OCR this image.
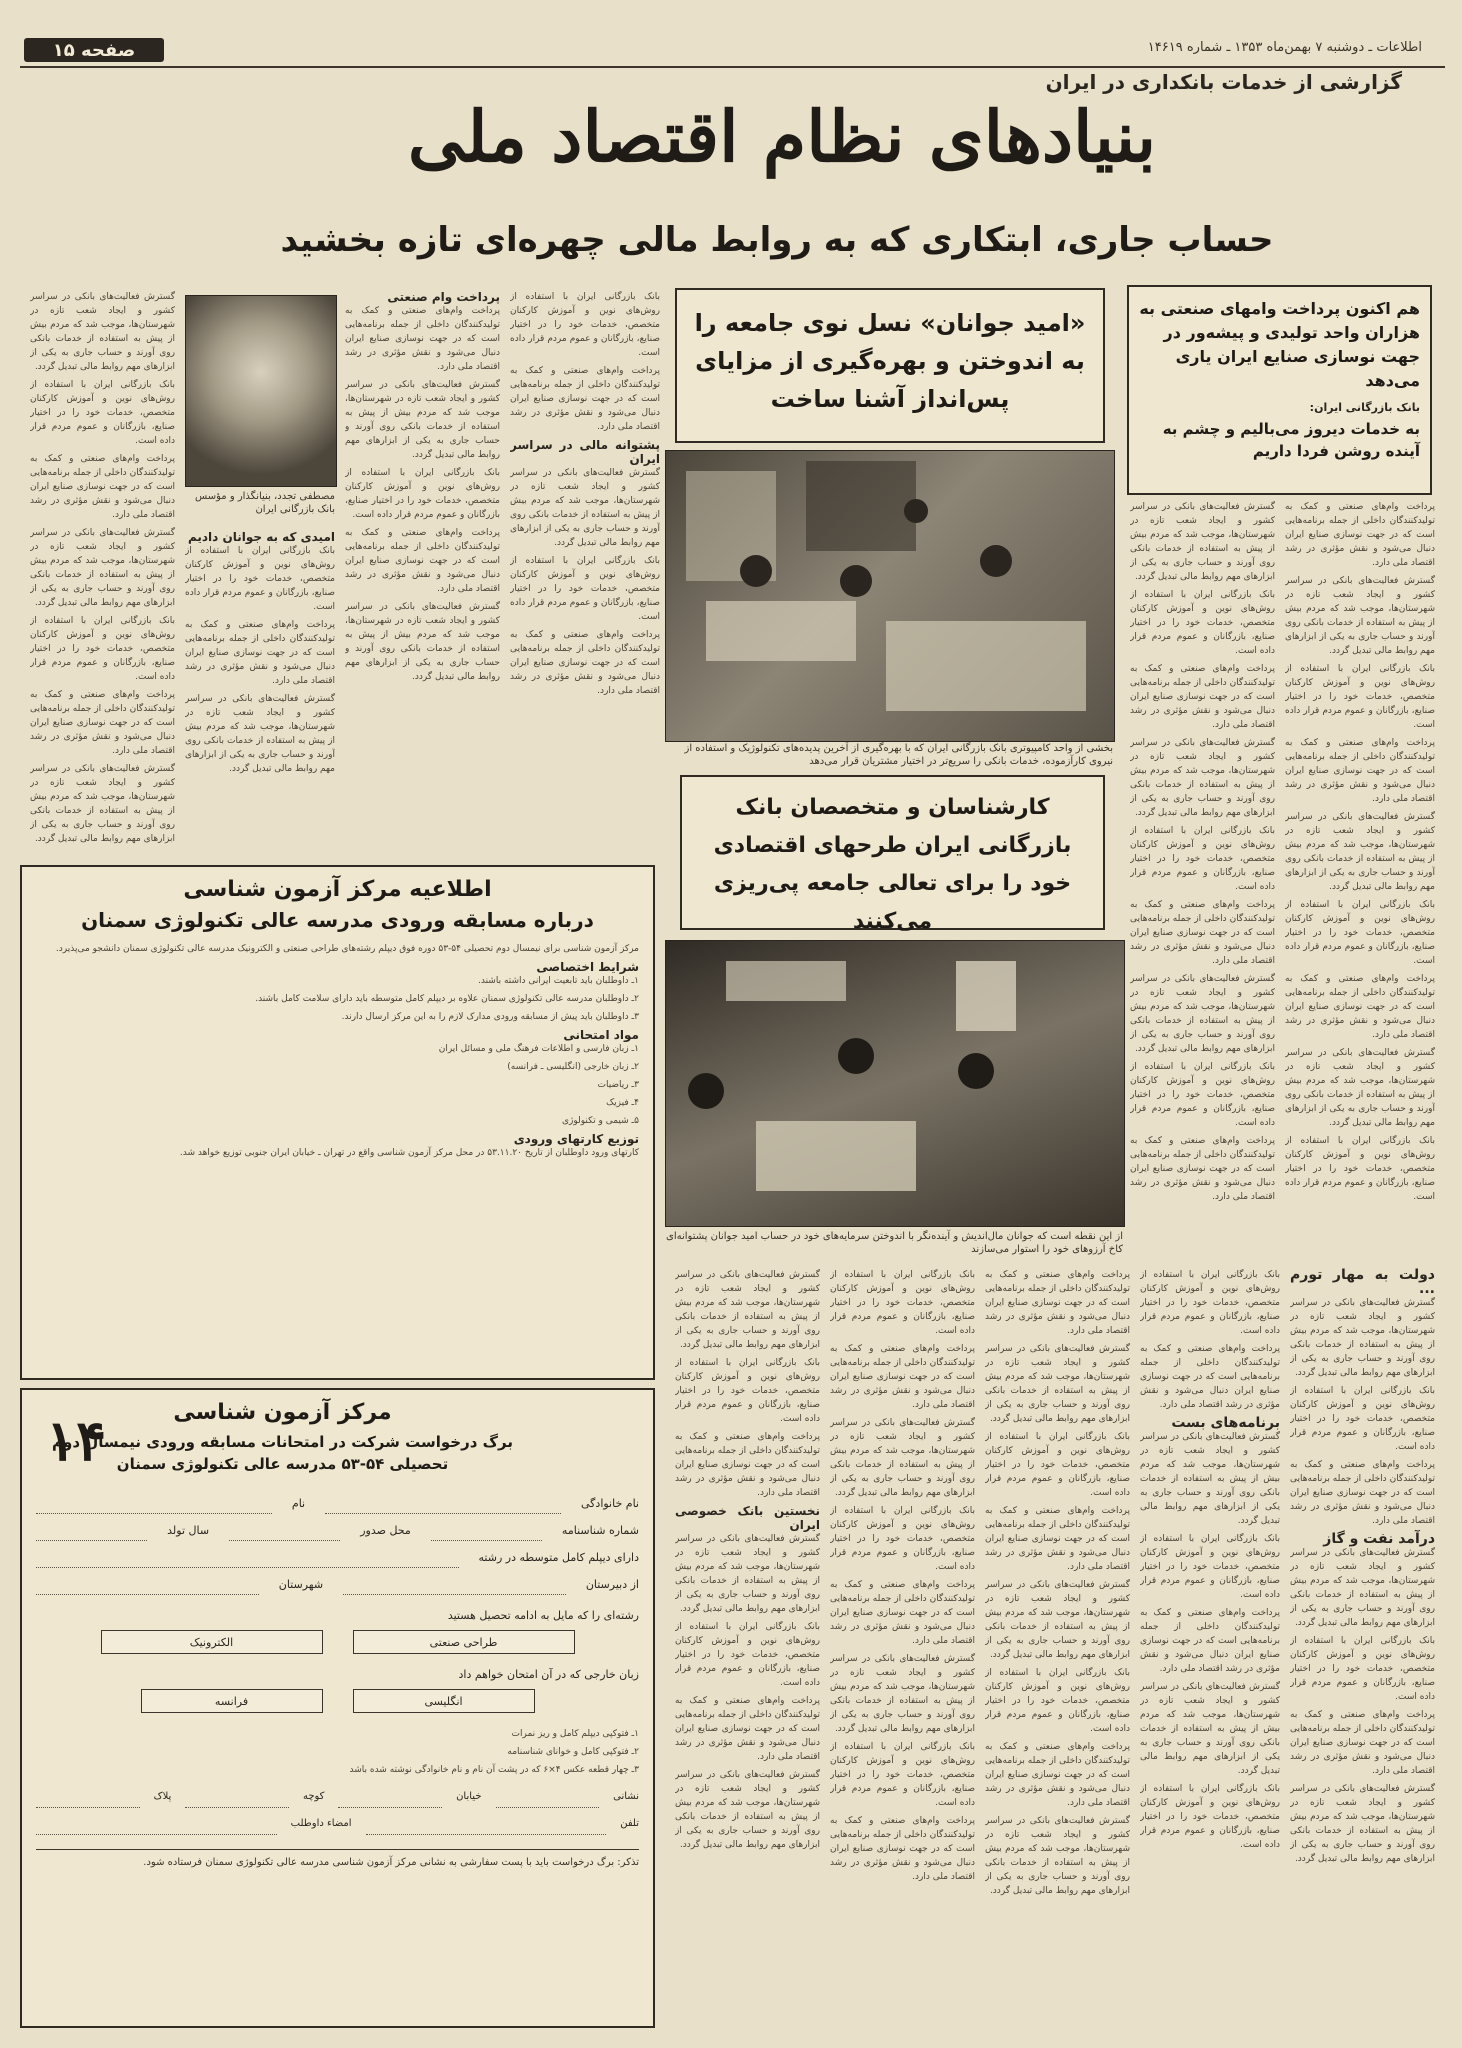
صفحه ۱۵	اطلاعات ـ دوشنبه ۷ بهمن‌ماه ۱۳۵۳ ـ شماره ۱۴۶۱۹
گزارشی از خدمات بانکداری در ایران
بنیادهای نظام اقتصاد ملی
حساب جاری، ابتکاری که به روابط مالی چهره‌ای تازه بخشید
هم اکنون پرداخت وامهای صنعتی به هزاران واحد تولیدی و پیشه‌ور در جهت نوسازی صنایع ایران یاری می‌دهد
بانک بازرگانی ایران:
به خدمات دیروز می‌بالیم و چشم به آینده روشن فردا داریم
«امید جوانان» نسل نوی جامعه را به اندوختن و بهره‌گیری از مزایای پس‌انداز آشنا ساخت
مصطفی تجدد، بنیانگذار و مؤسس بانک بازرگانی ایران

گسترش فعالیت‌های بانکی در سراسر کشور و ایجاد شعب تازه در شهرستان‌ها، موجب شد که مردم بیش از پیش به استفاده از خدمات بانکی روی آورند و حساب جاری به یکی از ابزارهای مهم روابط مالی تبدیل گردد.

بانک بازرگانی ایران با استفاده از روش‌های نوین و آموزش کارکنان متخصص، خدمات خود را در اختیار صنایع، بازرگانان و عموم مردم قرار داده است.

پرداخت وام‌های صنعتی و کمک به تولیدکنندگان داخلی از جمله برنامه‌هایی است که در جهت نوسازی صنایع ایران دنبال می‌شود و نقش مؤثری در رشد اقتصاد ملی دارد.

گسترش فعالیت‌های بانکی در سراسر کشور و ایجاد شعب تازه در شهرستان‌ها، موجب شد که مردم بیش از پیش به استفاده از خدمات بانکی روی آورند و حساب جاری به یکی از ابزارهای مهم روابط مالی تبدیل گردد.

بانک بازرگانی ایران با استفاده از روش‌های نوین و آموزش کارکنان متخصص، خدمات خود را در اختیار صنایع، بازرگانان و عموم مردم قرار داده است.

پرداخت وام‌های صنعتی و کمک به تولیدکنندگان داخلی از جمله برنامه‌هایی است که در جهت نوسازی صنایع ایران دنبال می‌شود و نقش مؤثری در رشد اقتصاد ملی دارد.

گسترش فعالیت‌های بانکی در سراسر کشور و ایجاد شعب تازه در شهرستان‌ها، موجب شد که مردم بیش از پیش به استفاده از خدمات بانکی روی آورند و حساب جاری به یکی از ابزارهای مهم روابط مالی تبدیل گردد.

امیدی که به جوانان دادیم

بانک بازرگانی ایران با استفاده از روش‌های نوین و آموزش کارکنان متخصص، خدمات خود را در اختیار صنایع، بازرگانان و عموم مردم قرار داده است.

پرداخت وام‌های صنعتی و کمک به تولیدکنندگان داخلی از جمله برنامه‌هایی است که در جهت نوسازی صنایع ایران دنبال می‌شود و نقش مؤثری در رشد اقتصاد ملی دارد.

گسترش فعالیت‌های بانکی در سراسر کشور و ایجاد شعب تازه در شهرستان‌ها، موجب شد که مردم بیش از پیش به استفاده از خدمات بانکی روی آورند و حساب جاری به یکی از ابزارهای مهم روابط مالی تبدیل گردد.

پرداخت وام صنعتی

پرداخت وام‌های صنعتی و کمک به تولیدکنندگان داخلی از جمله برنامه‌هایی است که در جهت نوسازی صنایع ایران دنبال می‌شود و نقش مؤثری در رشد اقتصاد ملی دارد.

گسترش فعالیت‌های بانکی در سراسر کشور و ایجاد شعب تازه در شهرستان‌ها، موجب شد که مردم بیش از پیش به استفاده از خدمات بانکی روی آورند و حساب جاری به یکی از ابزارهای مهم روابط مالی تبدیل گردد.

بانک بازرگانی ایران با استفاده از روش‌های نوین و آموزش کارکنان متخصص، خدمات خود را در اختیار صنایع، بازرگانان و عموم مردم قرار داده است.

پرداخت وام‌های صنعتی و کمک به تولیدکنندگان داخلی از جمله برنامه‌هایی است که در جهت نوسازی صنایع ایران دنبال می‌شود و نقش مؤثری در رشد اقتصاد ملی دارد.

گسترش فعالیت‌های بانکی در سراسر کشور و ایجاد شعب تازه در شهرستان‌ها، موجب شد که مردم بیش از پیش به استفاده از خدمات بانکی روی آورند و حساب جاری به یکی از ابزارهای مهم روابط مالی تبدیل گردد.

بانک بازرگانی ایران با استفاده از روش‌های نوین و آموزش کارکنان متخصص، خدمات خود را در اختیار صنایع، بازرگانان و عموم مردم قرار داده است.

پرداخت وام‌های صنعتی و کمک به تولیدکنندگان داخلی از جمله برنامه‌هایی است که در جهت نوسازی صنایع ایران دنبال می‌شود و نقش مؤثری در رشد اقتصاد ملی دارد.

پشتوانه مالی در سراسر ایران

گسترش فعالیت‌های بانکی در سراسر کشور و ایجاد شعب تازه در شهرستان‌ها، موجب شد که مردم بیش از پیش به استفاده از خدمات بانکی روی آورند و حساب جاری به یکی از ابزارهای مهم روابط مالی تبدیل گردد.

بانک بازرگانی ایران با استفاده از روش‌های نوین و آموزش کارکنان متخصص، خدمات خود را در اختیار صنایع، بازرگانان و عموم مردم قرار داده است.

پرداخت وام‌های صنعتی و کمک به تولیدکنندگان داخلی از جمله برنامه‌هایی است که در جهت نوسازی صنایع ایران دنبال می‌شود و نقش مؤثری در رشد اقتصاد ملی دارد.

بخشی از واحد کامپیوتری بانک بازرگانی ایران که با بهره‌گیری از آخرین پدیده‌های تکنولوژیک و استفاده از نیروی کارآزموده، خدمات بانکی را سریع‌تر در اختیار مشتریان قرار می‌دهد
کارشناسان و متخصصان بانک بازرگانی ایران طرحهای اقتصادی خود را برای تعالی جامعه پی‌ریزی می‌کنند
از این نقطه است که جوانان مال‌اندیش و آینده‌نگر با اندوختن سرمایه‌های خود در حساب امید جوانان پشتوانه‌ای کاخ آرزوهای خود را استوار می‌سازند

گسترش فعالیت‌های بانکی در سراسر کشور و ایجاد شعب تازه در شهرستان‌ها، موجب شد که مردم بیش از پیش به استفاده از خدمات بانکی روی آورند و حساب جاری به یکی از ابزارهای مهم روابط مالی تبدیل گردد.

بانک بازرگانی ایران با استفاده از روش‌های نوین و آموزش کارکنان متخصص، خدمات خود را در اختیار صنایع، بازرگانان و عموم مردم قرار داده است.

پرداخت وام‌های صنعتی و کمک به تولیدکنندگان داخلی از جمله برنامه‌هایی است که در جهت نوسازی صنایع ایران دنبال می‌شود و نقش مؤثری در رشد اقتصاد ملی دارد.

گسترش فعالیت‌های بانکی در سراسر کشور و ایجاد شعب تازه در شهرستان‌ها، موجب شد که مردم بیش از پیش به استفاده از خدمات بانکی روی آورند و حساب جاری به یکی از ابزارهای مهم روابط مالی تبدیل گردد.

بانک بازرگانی ایران با استفاده از روش‌های نوین و آموزش کارکنان متخصص، خدمات خود را در اختیار صنایع، بازرگانان و عموم مردم قرار داده است.

پرداخت وام‌های صنعتی و کمک به تولیدکنندگان داخلی از جمله برنامه‌هایی است که در جهت نوسازی صنایع ایران دنبال می‌شود و نقش مؤثری در رشد اقتصاد ملی دارد.

گسترش فعالیت‌های بانکی در سراسر کشور و ایجاد شعب تازه در شهرستان‌ها، موجب شد که مردم بیش از پیش به استفاده از خدمات بانکی روی آورند و حساب جاری به یکی از ابزارهای مهم روابط مالی تبدیل گردد.

بانک بازرگانی ایران با استفاده از روش‌های نوین و آموزش کارکنان متخصص، خدمات خود را در اختیار صنایع، بازرگانان و عموم مردم قرار داده است.

پرداخت وام‌های صنعتی و کمک به تولیدکنندگان داخلی از جمله برنامه‌هایی است که در جهت نوسازی صنایع ایران دنبال می‌شود و نقش مؤثری در رشد اقتصاد ملی دارد.

پرداخت وام‌های صنعتی و کمک به تولیدکنندگان داخلی از جمله برنامه‌هایی است که در جهت نوسازی صنایع ایران دنبال می‌شود و نقش مؤثری در رشد اقتصاد ملی دارد.

گسترش فعالیت‌های بانکی در سراسر کشور و ایجاد شعب تازه در شهرستان‌ها، موجب شد که مردم بیش از پیش به استفاده از خدمات بانکی روی آورند و حساب جاری به یکی از ابزارهای مهم روابط مالی تبدیل گردد.

بانک بازرگانی ایران با استفاده از روش‌های نوین و آموزش کارکنان متخصص، خدمات خود را در اختیار صنایع، بازرگانان و عموم مردم قرار داده است.

پرداخت وام‌های صنعتی و کمک به تولیدکنندگان داخلی از جمله برنامه‌هایی است که در جهت نوسازی صنایع ایران دنبال می‌شود و نقش مؤثری در رشد اقتصاد ملی دارد.

گسترش فعالیت‌های بانکی در سراسر کشور و ایجاد شعب تازه در شهرستان‌ها، موجب شد که مردم بیش از پیش به استفاده از خدمات بانکی روی آورند و حساب جاری به یکی از ابزارهای مهم روابط مالی تبدیل گردد.

بانک بازرگانی ایران با استفاده از روش‌های نوین و آموزش کارکنان متخصص، خدمات خود را در اختیار صنایع، بازرگانان و عموم مردم قرار داده است.

پرداخت وام‌های صنعتی و کمک به تولیدکنندگان داخلی از جمله برنامه‌هایی است که در جهت نوسازی صنایع ایران دنبال می‌شود و نقش مؤثری در رشد اقتصاد ملی دارد.

گسترش فعالیت‌های بانکی در سراسر کشور و ایجاد شعب تازه در شهرستان‌ها، موجب شد که مردم بیش از پیش به استفاده از خدمات بانکی روی آورند و حساب جاری به یکی از ابزارهای مهم روابط مالی تبدیل گردد.

بانک بازرگانی ایران با استفاده از روش‌های نوین و آموزش کارکنان متخصص، خدمات خود را در اختیار صنایع، بازرگانان و عموم مردم قرار داده است.

دولت به مهار تورم ...

گسترش فعالیت‌های بانکی در سراسر کشور و ایجاد شعب تازه در شهرستان‌ها، موجب شد که مردم بیش از پیش به استفاده از خدمات بانکی روی آورند و حساب جاری به یکی از ابزارهای مهم روابط مالی تبدیل گردد.

بانک بازرگانی ایران با استفاده از روش‌های نوین و آموزش کارکنان متخصص، خدمات خود را در اختیار صنایع، بازرگانان و عموم مردم قرار داده است.

پرداخت وام‌های صنعتی و کمک به تولیدکنندگان داخلی از جمله برنامه‌هایی است که در جهت نوسازی صنایع ایران دنبال می‌شود و نقش مؤثری در رشد اقتصاد ملی دارد.

درآمد نفت و گاز

گسترش فعالیت‌های بانکی در سراسر کشور و ایجاد شعب تازه در شهرستان‌ها، موجب شد که مردم بیش از پیش به استفاده از خدمات بانکی روی آورند و حساب جاری به یکی از ابزارهای مهم روابط مالی تبدیل گردد.

بانک بازرگانی ایران با استفاده از روش‌های نوین و آموزش کارکنان متخصص، خدمات خود را در اختیار صنایع، بازرگانان و عموم مردم قرار داده است.

پرداخت وام‌های صنعتی و کمک به تولیدکنندگان داخلی از جمله برنامه‌هایی است که در جهت نوسازی صنایع ایران دنبال می‌شود و نقش مؤثری در رشد اقتصاد ملی دارد.

گسترش فعالیت‌های بانکی در سراسر کشور و ایجاد شعب تازه در شهرستان‌ها، موجب شد که مردم بیش از پیش به استفاده از خدمات بانکی روی آورند و حساب جاری به یکی از ابزارهای مهم روابط مالی تبدیل گردد.

بانک بازرگانی ایران با استفاده از روش‌های نوین و آموزش کارکنان متخصص، خدمات خود را در اختیار صنایع، بازرگانان و عموم مردم قرار داده است.

پرداخت وام‌های صنعتی و کمک به تولیدکنندگان داخلی از جمله برنامه‌هایی است که در جهت نوسازی صنایع ایران دنبال می‌شود و نقش مؤثری در رشد اقتصاد ملی دارد.

برنامه‌های بست

گسترش فعالیت‌های بانکی در سراسر کشور و ایجاد شعب تازه در شهرستان‌ها، موجب شد که مردم بیش از پیش به استفاده از خدمات بانکی روی آورند و حساب جاری به یکی از ابزارهای مهم روابط مالی تبدیل گردد.

بانک بازرگانی ایران با استفاده از روش‌های نوین و آموزش کارکنان متخصص، خدمات خود را در اختیار صنایع، بازرگانان و عموم مردم قرار داده است.

پرداخت وام‌های صنعتی و کمک به تولیدکنندگان داخلی از جمله برنامه‌هایی است که در جهت نوسازی صنایع ایران دنبال می‌شود و نقش مؤثری در رشد اقتصاد ملی دارد.

گسترش فعالیت‌های بانکی در سراسر کشور و ایجاد شعب تازه در شهرستان‌ها، موجب شد که مردم بیش از پیش به استفاده از خدمات بانکی روی آورند و حساب جاری به یکی از ابزارهای مهم روابط مالی تبدیل گردد.

بانک بازرگانی ایران با استفاده از روش‌های نوین و آموزش کارکنان متخصص، خدمات خود را در اختیار صنایع، بازرگانان و عموم مردم قرار داده است.

پرداخت وام‌های صنعتی و کمک به تولیدکنندگان داخلی از جمله برنامه‌هایی است که در جهت نوسازی صنایع ایران دنبال می‌شود و نقش مؤثری در رشد اقتصاد ملی دارد.

گسترش فعالیت‌های بانکی در سراسر کشور و ایجاد شعب تازه در شهرستان‌ها، موجب شد که مردم بیش از پیش به استفاده از خدمات بانکی روی آورند و حساب جاری به یکی از ابزارهای مهم روابط مالی تبدیل گردد.

بانک بازرگانی ایران با استفاده از روش‌های نوین و آموزش کارکنان متخصص، خدمات خود را در اختیار صنایع، بازرگانان و عموم مردم قرار داده است.

پرداخت وام‌های صنعتی و کمک به تولیدکنندگان داخلی از جمله برنامه‌هایی است که در جهت نوسازی صنایع ایران دنبال می‌شود و نقش مؤثری در رشد اقتصاد ملی دارد.

گسترش فعالیت‌های بانکی در سراسر کشور و ایجاد شعب تازه در شهرستان‌ها، موجب شد که مردم بیش از پیش به استفاده از خدمات بانکی روی آورند و حساب جاری به یکی از ابزارهای مهم روابط مالی تبدیل گردد.

بانک بازرگانی ایران با استفاده از روش‌های نوین و آموزش کارکنان متخصص، خدمات خود را در اختیار صنایع، بازرگانان و عموم مردم قرار داده است.

پرداخت وام‌های صنعتی و کمک به تولیدکنندگان داخلی از جمله برنامه‌هایی است که در جهت نوسازی صنایع ایران دنبال می‌شود و نقش مؤثری در رشد اقتصاد ملی دارد.

گسترش فعالیت‌های بانکی در سراسر کشور و ایجاد شعب تازه در شهرستان‌ها، موجب شد که مردم بیش از پیش به استفاده از خدمات بانکی روی آورند و حساب جاری به یکی از ابزارهای مهم روابط مالی تبدیل گردد.

بانک بازرگانی ایران با استفاده از روش‌های نوین و آموزش کارکنان متخصص، خدمات خود را در اختیار صنایع، بازرگانان و عموم مردم قرار داده است.

پرداخت وام‌های صنعتی و کمک به تولیدکنندگان داخلی از جمله برنامه‌هایی است که در جهت نوسازی صنایع ایران دنبال می‌شود و نقش مؤثری در رشد اقتصاد ملی دارد.

گسترش فعالیت‌های بانکی در سراسر کشور و ایجاد شعب تازه در شهرستان‌ها، موجب شد که مردم بیش از پیش به استفاده از خدمات بانکی روی آورند و حساب جاری به یکی از ابزارهای مهم روابط مالی تبدیل گردد.

بانک بازرگانی ایران با استفاده از روش‌های نوین و آموزش کارکنان متخصص، خدمات خود را در اختیار صنایع، بازرگانان و عموم مردم قرار داده است.

پرداخت وام‌های صنعتی و کمک به تولیدکنندگان داخلی از جمله برنامه‌هایی است که در جهت نوسازی صنایع ایران دنبال می‌شود و نقش مؤثری در رشد اقتصاد ملی دارد.

گسترش فعالیت‌های بانکی در سراسر کشور و ایجاد شعب تازه در شهرستان‌ها، موجب شد که مردم بیش از پیش به استفاده از خدمات بانکی روی آورند و حساب جاری به یکی از ابزارهای مهم روابط مالی تبدیل گردد.

بانک بازرگانی ایران با استفاده از روش‌های نوین و آموزش کارکنان متخصص، خدمات خود را در اختیار صنایع، بازرگانان و عموم مردم قرار داده است.

پرداخت وام‌های صنعتی و کمک به تولیدکنندگان داخلی از جمله برنامه‌هایی است که در جهت نوسازی صنایع ایران دنبال می‌شود و نقش مؤثری در رشد اقتصاد ملی دارد.

گسترش فعالیت‌های بانکی در سراسر کشور و ایجاد شعب تازه در شهرستان‌ها، موجب شد که مردم بیش از پیش به استفاده از خدمات بانکی روی آورند و حساب جاری به یکی از ابزارهای مهم روابط مالی تبدیل گردد.

بانک بازرگانی ایران با استفاده از روش‌های نوین و آموزش کارکنان متخصص، خدمات خود را در اختیار صنایع، بازرگانان و عموم مردم قرار داده است.

پرداخت وام‌های صنعتی و کمک به تولیدکنندگان داخلی از جمله برنامه‌هایی است که در جهت نوسازی صنایع ایران دنبال می‌شود و نقش مؤثری در رشد اقتصاد ملی دارد.

نخستین بانک خصوصی ایران

گسترش فعالیت‌های بانکی در سراسر کشور و ایجاد شعب تازه در شهرستان‌ها، موجب شد که مردم بیش از پیش به استفاده از خدمات بانکی روی آورند و حساب جاری به یکی از ابزارهای مهم روابط مالی تبدیل گردد.

بانک بازرگانی ایران با استفاده از روش‌های نوین و آموزش کارکنان متخصص، خدمات خود را در اختیار صنایع، بازرگانان و عموم مردم قرار داده است.

پرداخت وام‌های صنعتی و کمک به تولیدکنندگان داخلی از جمله برنامه‌هایی است که در جهت نوسازی صنایع ایران دنبال می‌شود و نقش مؤثری در رشد اقتصاد ملی دارد.

گسترش فعالیت‌های بانکی در سراسر کشور و ایجاد شعب تازه در شهرستان‌ها، موجب شد که مردم بیش از پیش به استفاده از خدمات بانکی روی آورند و حساب جاری به یکی از ابزارهای مهم روابط مالی تبدیل گردد.

اطلاعیه مرکز آزمون شناسی
درباره مسابقه ورودی مدرسه عالی تکنولوژی سمنان

مرکز آزمون شناسی برای نیمسال دوم تحصیلی ۵۴-۵۳ دوره فوق دیپلم رشته‌های طراحی صنعتی و الکترونیک مدرسه عالی تکنولوژی سمنان دانشجو می‌پذیرد.

شرایط اختصاصی

۱ـ داوطلبان باید تابعیت ایرانی داشته باشند.

۲ـ داوطلبان مدرسه عالی تکنولوژی سمنان علاوه بر دیپلم کامل متوسطه باید دارای سلامت کامل باشند.

۳ـ داوطلبان باید پیش از مسابقه ورودی مدارک لازم را به این مرکز ارسال دارند.

مواد امتحانی

۱ـ زبان فارسی و اطلاعات فرهنگ ملی و مسائل ایران

۲ـ زبان خارجی (انگلیسی ـ فرانسه)

۳ـ ریاضیات

۴ـ فیزیک

۵ـ شیمی و تکنولوژی

توزیع کارتهای ورودی

کارتهای ورود داوطلبان از تاریخ ۵۳.۱۱.۲۰ در محل مرکز آزمون شناسی واقع در تهران ـ خیابان ایران جنوبی توزیع خواهد شد.

مرکز آزمون شناسی
برگ درخواست شرکت در امتحانات مسابقه ورودی نیمسال دوم تحصیلی ۵۴-۵۳ مدرسه عالی تکنولوژی سمنان
۱۴
نام خانوادگی
نام
شماره شناسنامه
محل صدور
سال تولد
دارای دیپلم کامل متوسطه در رشته
از دبیرستان
شهرستان
رشته‌ای را که مایل به ادامه تحصیل هستید
طراحی صنعتی
الکترونیک
زبان خارجی که در آن امتحان خواهم داد
انگلیسی
فرانسه

۱ـ فتوکپی دیپلم کامل و ریز نمرات

۲ـ فتوکپی کامل و خوانای شناسنامه

۳ـ چهار قطعه عکس ۴×۶ که در پشت آن نام و نام خانوادگی نوشته شده باشد

نشانی
خیابان
کوچه
پلاک
تلفن
امضاء داوطلب
تذکر: برگ درخواست باید با پست سفارشی به نشانی مرکز آزمون شناسی مدرسه عالی تکنولوژی سمنان فرستاده شود.
